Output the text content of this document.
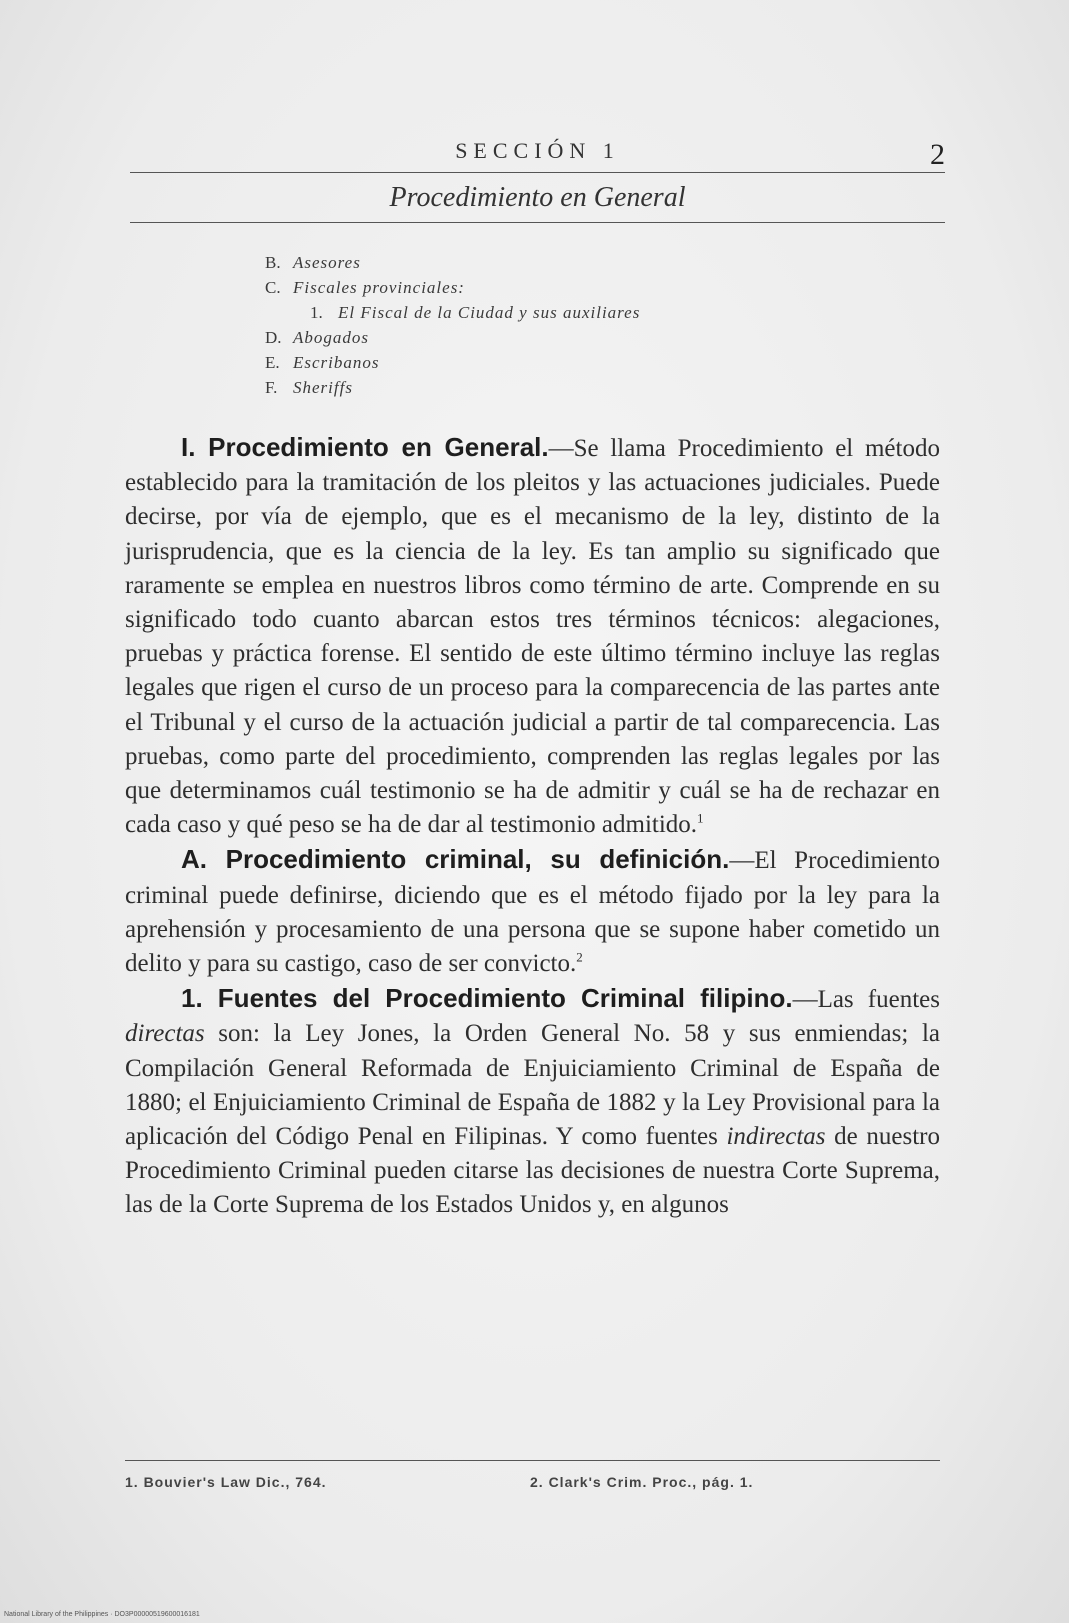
SECCIÓN 1	2
Procedimiento en General
B. Asesores
C. Fiscales provinciales:
1. El Fiscal de la Ciudad y sus auxiliares
D. Abogados
E. Escribanos
F. Sheriffs

I. Procedimiento en General.—Se llama Procedimiento el método establecido para la tramitación de los pleitos y las actuaciones judiciales. Puede decirse, por vía de ejemplo, que es el mecanismo de la ley, distinto de la jurisprudencia, que es la ciencia de la ley. Es tan amplio su significado que raramente se emplea en nuestros libros como término de arte. Comprende en su significado todo cuanto abarcan estos tres términos técnicos: alegaciones, pruebas y práctica forense. El sentido de este último término incluye las reglas legales que rigen el curso de un proceso para la comparecencia de las partes ante el Tribunal y el curso de la actuación judicial a partir de tal comparecencia. Las pruebas, como parte del procedimiento, comprenden las reglas legales por las que determinamos cuál testimonio se ha de admitir y cuál se ha de rechazar en cada caso y qué peso se ha de dar al testimonio admitido.$^1$

A. Procedimiento criminal, su definición.—El Procedimiento criminal puede definirse, diciendo que es el método fijado por la ley para la aprehensión y procesamiento de una persona que se supone haber cometido un delito y para su castigo, caso de ser convicto.$^2$

1. Fuentes del Procedimiento Criminal filipino.—Las fuentes directas son: la Ley Jones, la Orden General No. 58 y sus enmiendas; la Compilación General Reformada de Enjuiciamiento Criminal de España de 1880; el Enjuiciamiento Criminal de España de 1882 y la Ley Provisional para la aplicación del Código Penal en Filipinas. Y como fuentes indirectas de nuestro Procedimiento Criminal pueden citarse las decisiones de nuestra Corte Suprema, las de la Corte Suprema de los Estados Unidos y, en algunos

1. Bouvier's Law Dic., 764.	2. Clark's Crim. Proc., pág. 1.
National Library of the Philippines · DO3P00000519600016181
